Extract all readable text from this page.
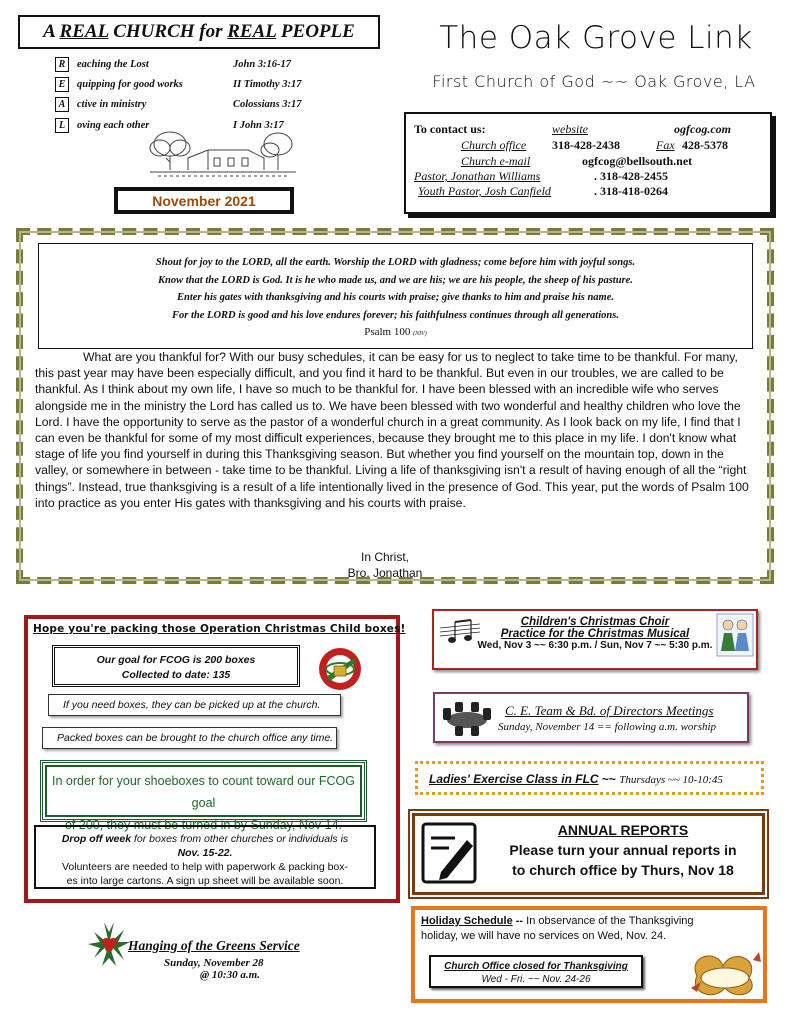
A REAL CHURCH for REAL PEOPLE
R	eaching the Lost	John 3:16-17
E	quipping for good works	II Timothy 3:17
A	ctive in ministry	Colossians 3:17
L	oving each other	I John 3:17
November 2021
The Oak Grove Link
First Church of God ~~ Oak Grove, LA
To contact us:	website	ogfcog.com
Church office 318-428-2438	Fax 428-5378
Church e-mail	ogfcog@bellsouth.net
Pastor, Jonathan Williams	. 318-428-2455
Youth Pastor, Josh Canfield	. 318-418-0264
Shout for joy to the LORD, all the earth. Worship the LORD with gladness; come before him with joyful songs.
Know that the LORD is God. It is he who made us, and we are his; we are his people, the sheep of his pasture.
Enter his gates with thanksgiving and his courts with praise; give thanks to him and praise his name.
For the LORD is good and his love endures forever; his faithfulness continues through all generations.
Psalm 100 (NIV)
What are you thankful for? With our busy schedules, it can be easy for us to neglect to take time to be thankful. For many, this past year may have been especially difficult, and you find it hard to be thankful. But even in our troubles, we are called to be thankful. As I think about my own life, I have so much to be thankful for. I have been blessed with an incredible wife who serves alongside me in the ministry the Lord has called us to. We have been blessed with two wonderful and healthy children who love the Lord. I have the opportunity to serve as the pastor of a wonderful church in a great community. As I look back on my life, I find that I can even be thankful for some of my most difficult experiences, because they brought me to this place in my life. I don't know what stage of life you find yourself in during this Thanksgiving season. But whether you find yourself on the mountain top, down in the valley, or somewhere in between - take time to be thankful. Living a life of thanksgiving isn't a result of having enough of all the “right things”. Instead, true thanksgiving is a result of a life intentionally lived in the presence of God. This year, put the words of Psalm 100 into practice as you enter His gates with thanksgiving and his courts with praise.
In Christ,
Bro. Jonathan
Hope you're packing those Operation Christmas Child boxes!
Our goal for FCOG is 200 boxes
Collected to date: 135
If you need boxes, they can be picked up at the church.
Packed boxes can be brought to the church office any time.
In order for your shoeboxes to count toward our FCOG goal
of 200, they must be turned in by Sunday, Nov 14.
Drop off week for boxes from other churches or individuals is
Nov. 15-22.
Volunteers are needed to help with paperwork & packing box-
es into large cartons. A sign up sheet will be available soon.
Hanging of the Greens Service
Sunday, November 28
@ 10:30 a.m.
Children's Christmas Choir
Practice for the Christmas Musical
Wed, Nov 3 ~~ 6:30 p.m. / Sun, Nov 7 ~~ 5:30 p.m.
C. E. Team & Bd. of Directors Meetings
Sunday, November 14 == following a.m. worship
Ladies' Exercise Class in FLC ~~ Thursdays ~~ 10-10:45
ANNUAL REPORTS
Please turn your annual reports in
to church office by Thurs, Nov 18
Holiday Schedule -- In observance of the Thanksgiving
holiday, we will have no services on Wed, Nov. 24.
Church Office closed for Thanksgiving
Wed - Fri. ~~ Nov. 24-26
